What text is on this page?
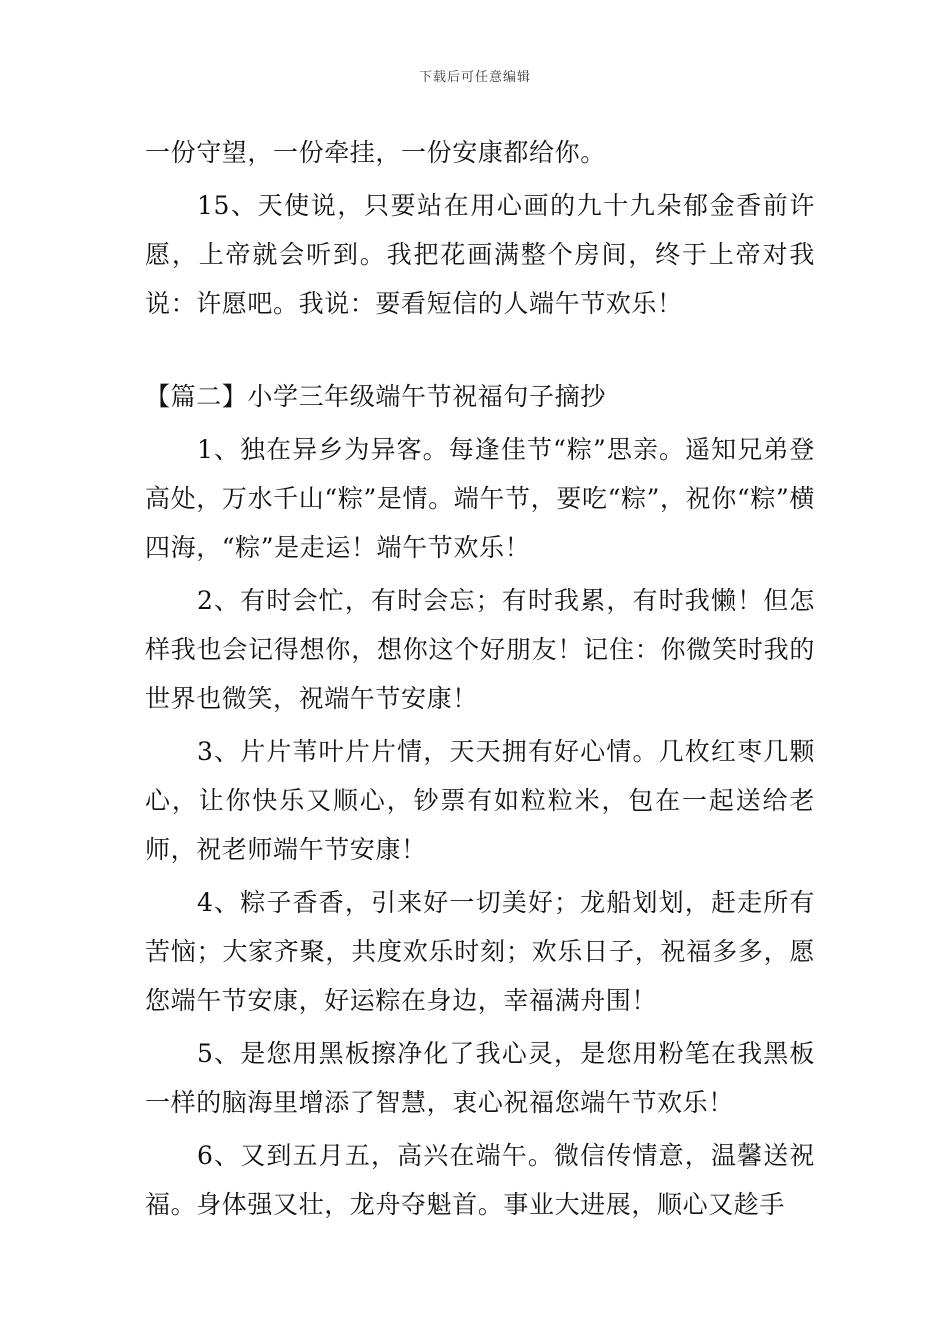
下载后可任意编辑

一份守望，一份牵挂，一份安康都给你。

15、天使说，只要站在用心画的九十九朵郁金香前许愿，上帝就会听到。我把花画满整个房间，终于上帝对我说：许愿吧。我说：要看短信的人端午节欢乐！

【篇二】小学三年级端午节祝福句子摘抄

1、独在异乡为异客。每逢佳节“粽”思亲。遥知兄弟登高处，万水千山“粽”是情。端午节，要吃“粽”，祝你“粽”横四海，“粽”是走运！端午节欢乐！

2、有时会忙，有时会忘；有时我累，有时我懒！但怎样我也会记得想你，想你这个好朋友！记住：你微笑时我的世界也微笑，祝端午节安康！

3、片片苇叶片片情，天天拥有好心情。几枚红枣几颗心，让你快乐又顺心，钞票有如粒粒米，包在一起送给老师，祝老师端午节安康！

4、粽子香香，引来好一切美好；龙船划划，赶走所有苦恼；大家齐聚，共度欢乐时刻；欢乐日子，祝福多多，愿您端午节安康，好运粽在身边，幸福满舟围！

5、是您用黑板擦净化了我心灵，是您用粉笔在我黑板一样的脑海里增添了智慧，衷心祝福您端午节欢乐！

6、又到五月五，高兴在端午。微信传情意，温馨送祝福。身体强又壮，龙舟夺魁首。事业大进展，顺心又趁手
